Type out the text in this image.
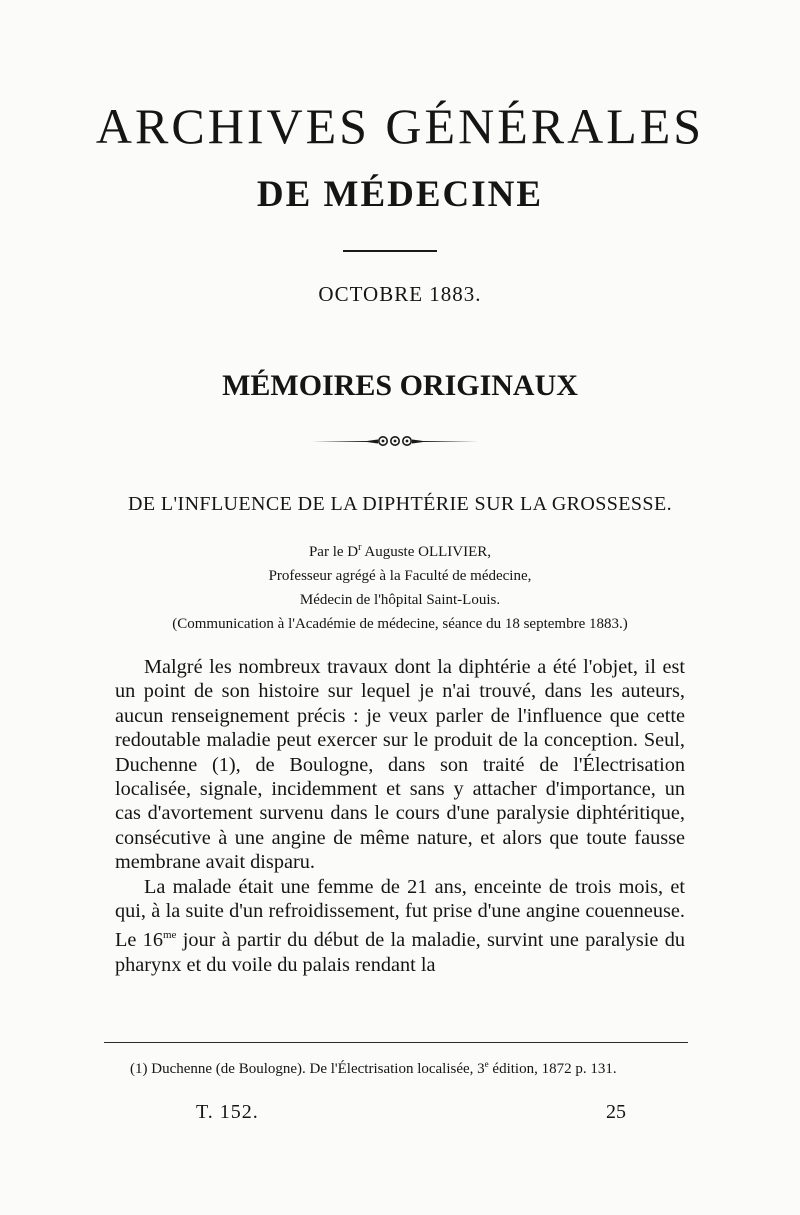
ARCHIVES GÉNÉRALES
DE MÉDECINE
OCTOBRE 1883.
MÉMOIRES ORIGINAUX
DE L'INFLUENCE DE LA DIPHTÉRIE SUR LA GROSSESSE.
Par le $D^r$ Auguste OLLIVIER,
Professeur agrégé à la Faculté de médecine,
Médecin de l'hôpital Saint-Louis.
(Communication à l'Académie de médecine, séance du 18 septembre 1883.)

Malgré les nombreux travaux dont la diphtérie a été l'objet, il est un point de son histoire sur lequel je n'ai trouvé, dans les auteurs, aucun renseignement précis : je veux parler de l'influence que cette redoutable maladie peut exercer sur le produit de la conception. Seul, Duchenne (1), de Boulogne, dans son traité de l'Électrisation localisée, signale, incidemment et sans y attacher d'importance, un cas d'avortement survenu dans le cours d'une paralysie diphtéritique, consécutive à une angine de même nature, et alors que toute fausse membrane avait disparu.

La malade était une femme de 21 ans, enceinte de trois mois, et qui, à la suite d'un refroidissement, fut prise d'une angine couenneuse. Le $16^{me}$ jour à partir du début de la maladie, survint une paralysie du pharynx et du voile du palais rendant la

(1) Duchenne (de Boulogne). De l'Électrisation localisée, 3e édition, 1872 p. 131.

T. 152.	25
